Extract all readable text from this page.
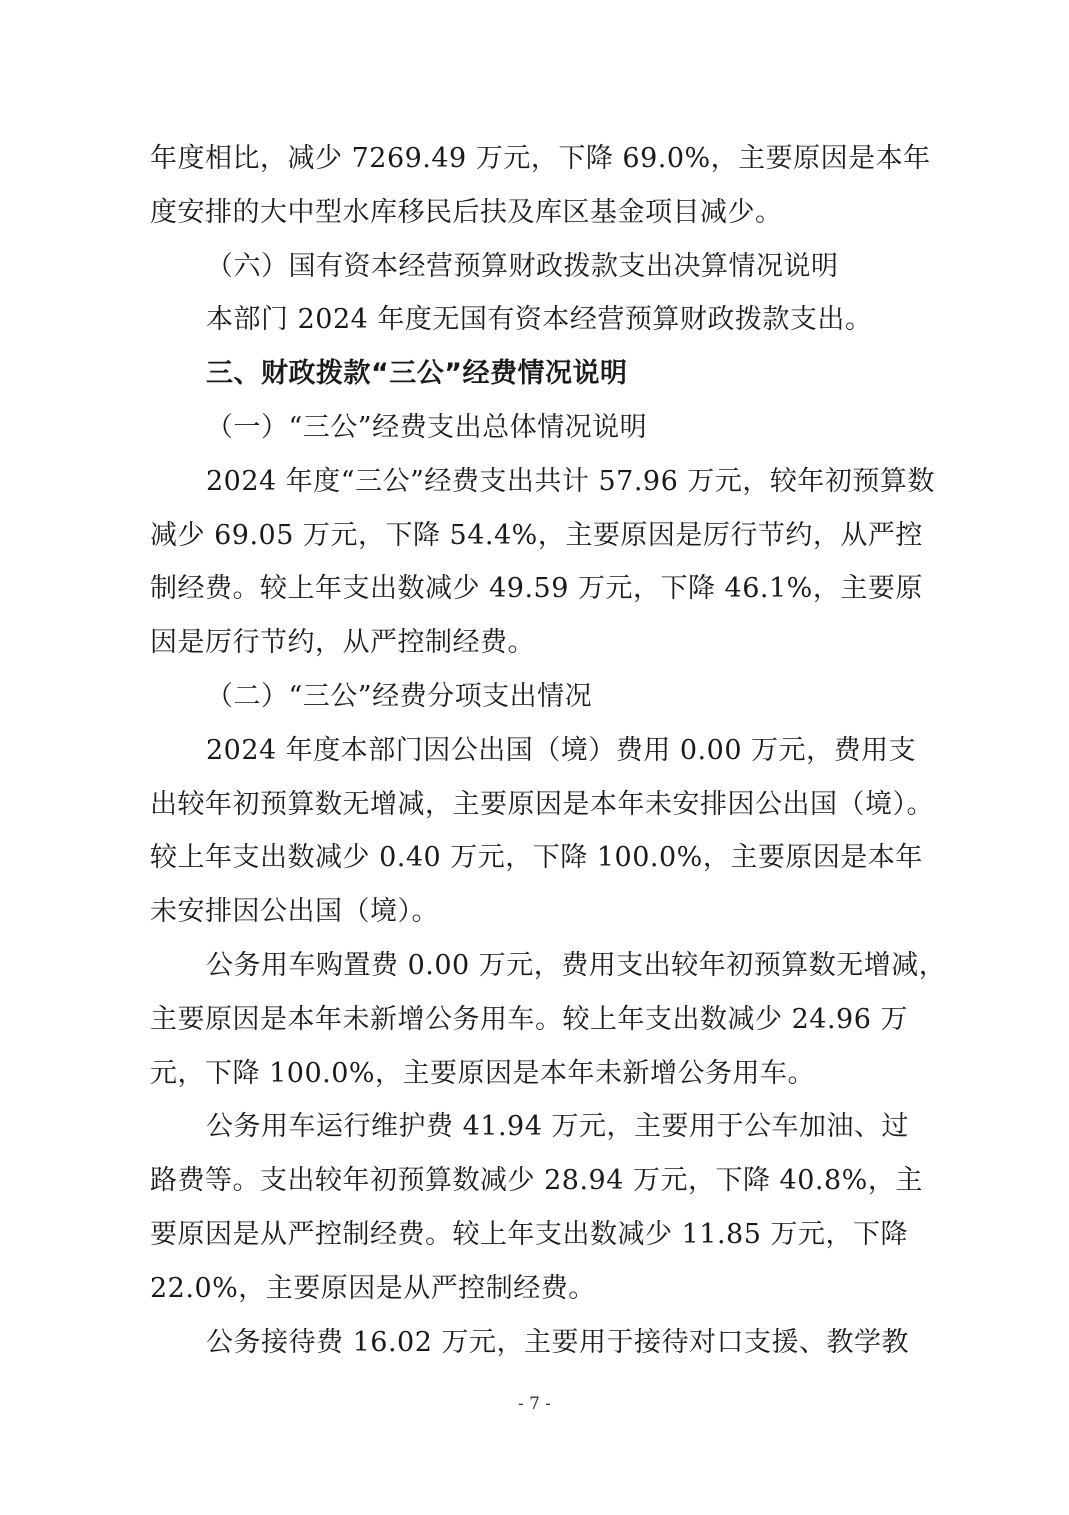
年度相比，减少 7269.49 万元，下降 69.0%，主要原因是本年
度安排的大中型水库移民后扶及库区基金项目减少。
（六）国有资本经营预算财政拨款支出决算情况说明
本部门 2024 年度无国有资本经营预算财政拨款支出。
三、财政拨款“三公”经费情况说明
（一）“三公”经费支出总体情况说明
2024 年度“三公”经费支出共计 57.96 万元，较年初预算数
减少 69.05 万元，下降 54.4%，主要原因是厉行节约，从严控
制经费。较上年支出数减少 49.59 万元，下降 46.1%，主要原
因是厉行节约，从严控制经费。
（二）“三公”经费分项支出情况
2024 年度本部门因公出国（境）费用 0.00 万元，费用支
出较年初预算数无增减，主要原因是本年未安排因公出国（境）。
较上年支出数减少 0.40 万元，下降 100.0%，主要原因是本年
未安排因公出国（境）。
公务用车购置费 0.00 万元，费用支出较年初预算数无增减，
主要原因是本年未新增公务用车。较上年支出数减少 24.96 万
元，下降 100.0%，主要原因是本年未新增公务用车。
公务用车运行维护费 41.94 万元，主要用于公车加油、过
路费等。支出较年初预算数减少 28.94 万元，下降 40.8%，主
要原因是从严控制经费。较上年支出数减少 11.85 万元，下降
22.0%，主要原因是从严控制经费。
公务接待费 16.02 万元，主要用于接待对口支援、教学教
- 7 -
